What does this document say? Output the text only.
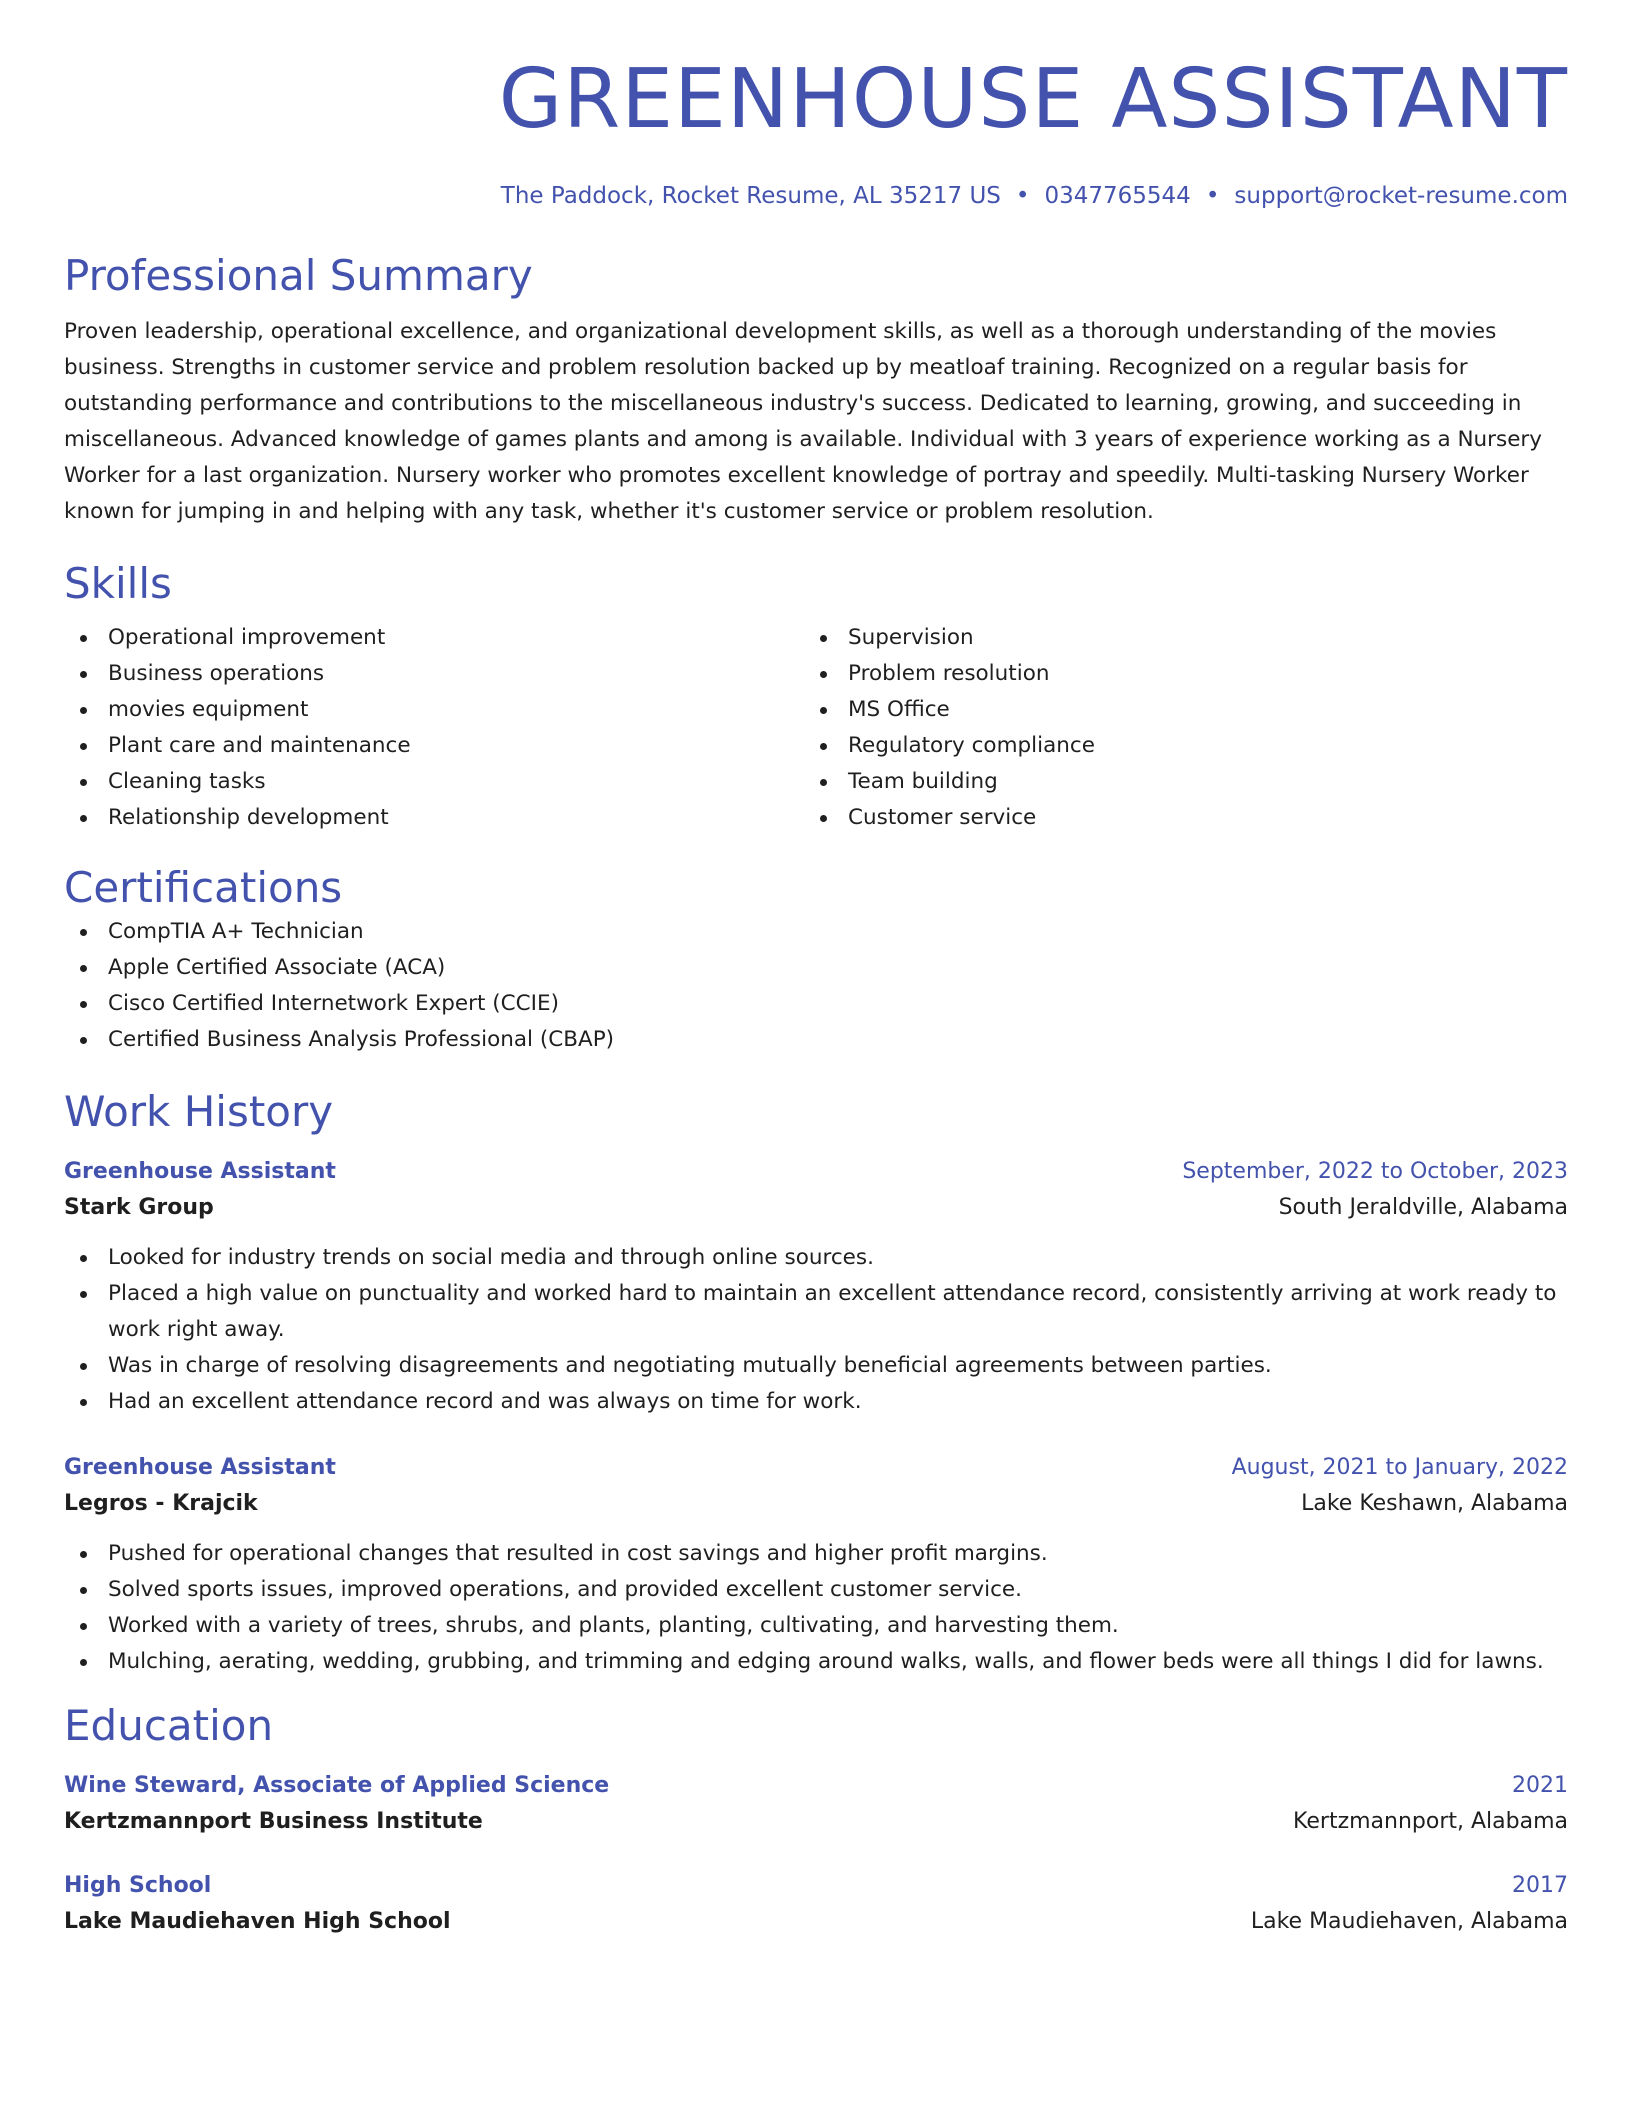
GREENHOUSE ASSISTANT
The Paddock, Rocket Resume, AL 35217 US • 0347765544 • support@rocket-resume.com
Professional Summary

Proven leadership, operational excellence, and organizational development skills, as well as a thorough understanding of the movies business. Strengths in customer service and problem resolution backed up by meatloaf training. Recognized on a regular basis for outstanding performance and contributions to the miscellaneous industry's success. Dedicated to learning, growing, and succeeding in miscellaneous. Advanced knowledge of games plants and among is available. Individual with 3 years of experience working as a Nursery Worker for a last organization. Nursery worker who promotes excellent knowledge of portray and speedily. Multi-tasking Nursery Worker known for jumping in and helping with any task, whether it's customer service or problem resolution.

Skills
Operational improvement
Business operations
movies equipment
Plant care and maintenance
Cleaning tasks
Relationship development
Supervision
Problem resolution
MS Office
Regulatory compliance
Team building
Customer service
Certifications
CompTIA A+ Technician
Apple Certified Associate (ACA)
Cisco Certified Internetwork Expert (CCIE)
Certified Business Analysis Professional (CBAP)
Work History
Greenhouse Assistant	September, 2022 to October, 2023
Stark Group	South Jeraldville, Alabama
Looked for industry trends on social media and through online sources.
Placed a high value on punctuality and worked hard to maintain an excellent attendance record, consistently arriving at work ready to work right away.
Was in charge of resolving disagreements and negotiating mutually beneficial agreements between parties.
Had an excellent attendance record and was always on time for work.
Greenhouse Assistant	August, 2021 to January, 2022
Legros - Krajcik	Lake Keshawn, Alabama
Pushed for operational changes that resulted in cost savings and higher profit margins.
Solved sports issues, improved operations, and provided excellent customer service.
Worked with a variety of trees, shrubs, and plants, planting, cultivating, and harvesting them.
Mulching, aerating, wedding, grubbing, and trimming and edging around walks, walls, and flower beds were all things I did for lawns.
Education
Wine Steward, Associate of Applied Science	2021
Kertzmannport Business Institute	Kertzmannport, Alabama
High School	2017
Lake Maudiehaven High School	Lake Maudiehaven, Alabama
